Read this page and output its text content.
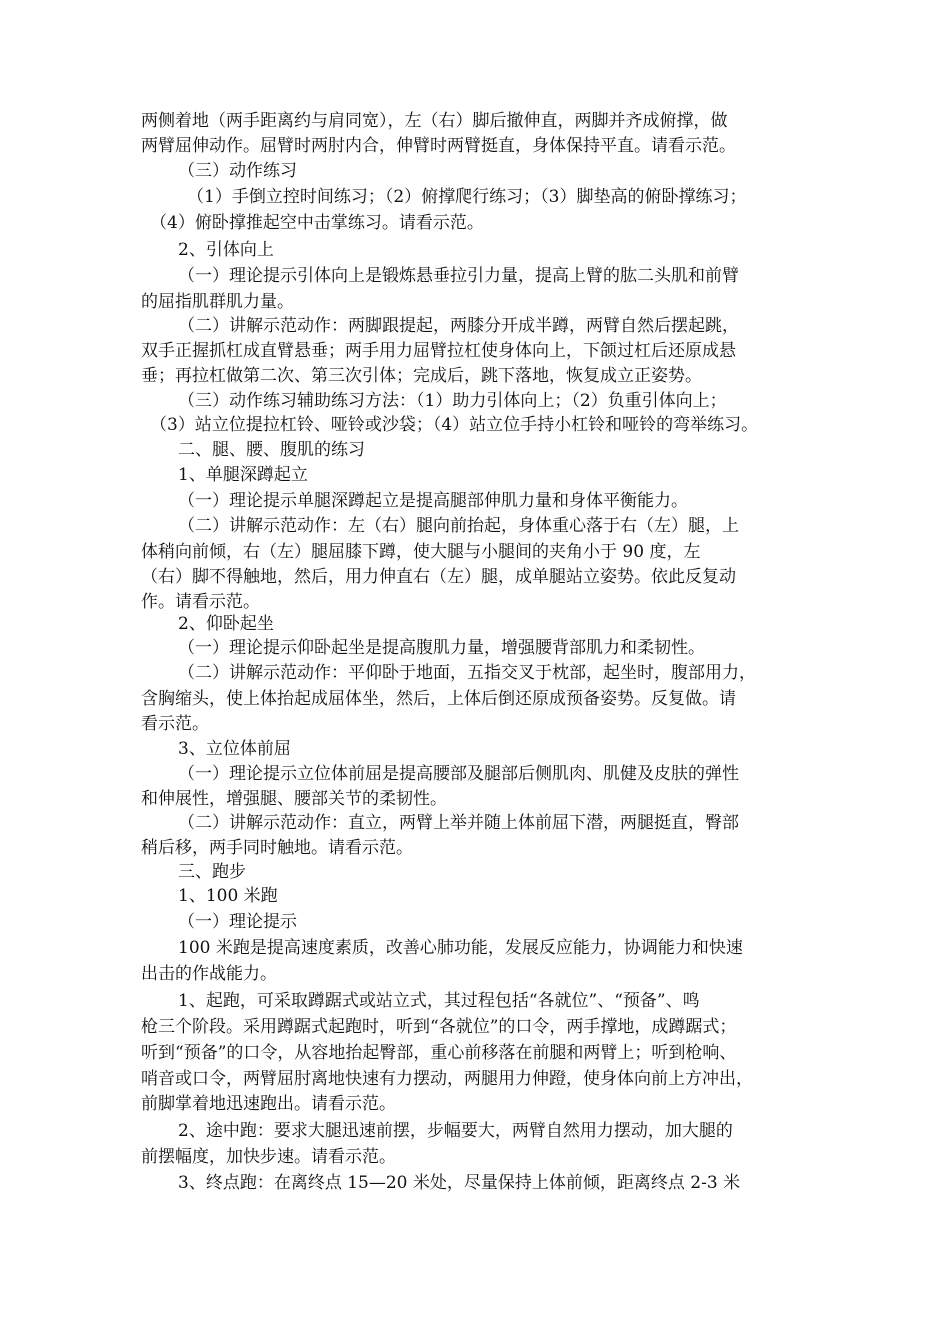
两侧着地（两手距离约与肩同宽），左（右）脚后撤伸直，两脚并齐成俯撑，做
两臂屈伸动作。屈臂时两肘内合，伸臂时两臂挺直，身体保持平直。请看示范。
（三）动作练习
（1）手倒立控时间练习；（2）俯撑爬行练习；（3）脚垫高的俯卧撑练习；
（4）俯卧撑推起空中击掌练习。请看示范。
2、引体向上
（一）理论提示引体向上是锻炼悬垂拉引力量，提高上臂的肱二头肌和前臂
的屈指肌群肌力量。
（二）讲解示范动作：两脚跟提起，两膝分开成半蹲，两臂自然后摆起跳，
双手正握抓杠成直臂悬垂；两手用力屈臂拉杠使身体向上，下颌过杠后还原成悬
垂；再拉杠做第二次、第三次引体；完成后，跳下落地，恢复成立正姿势。
（三）动作练习辅助练习方法：（1）助力引体向上；（2）负重引体向上；
（3）站立位提拉杠铃、哑铃或沙袋；（4）站立位手持小杠铃和哑铃的弯举练习。
二、腿、腰、腹肌的练习
1、单腿深蹲起立
（一）理论提示单腿深蹲起立是提高腿部伸肌力量和身体平衡能力。
（二）讲解示范动作：左（右）腿向前抬起，身体重心落于右（左）腿，上
体稍向前倾，右（左）腿屈膝下蹲，使大腿与小腿间的夹角小于 90 度，左
（右）脚不得触地，然后，用力伸直右（左）腿，成单腿站立姿势。依此反复动
作。请看示范。
2、仰卧起坐
（一）理论提示仰卧起坐是提高腹肌力量，增强腰背部肌力和柔韧性。
（二）讲解示范动作：平仰卧于地面，五指交叉于枕部，起坐时，腹部用力，
含胸缩头，使上体抬起成屈体坐，然后，上体后倒还原成预备姿势。反复做。请
看示范。
3、立位体前屈
（一）理论提示立位体前屈是提高腰部及腿部后侧肌肉、肌健及皮肤的弹性
和伸展性，增强腿、腰部关节的柔韧性。
（二）讲解示范动作：直立，两臂上举并随上体前屈下潜，两腿挺直，臀部
稍后移，两手同时触地。请看示范。
三、跑步
1、100 米跑
（一）理论提示
100 米跑是提高速度素质，改善心肺功能，发展反应能力，协调能力和快速
出击的作战能力。
1、起跑，可采取蹲踞式或站立式，其过程包括“各就位”、“预备”、鸣
枪三个阶段。采用蹲踞式起跑时，听到“各就位”的口令，两手撑地，成蹲踞式；
听到“预备”的口令，从容地抬起臀部，重心前移落在前腿和两臂上；听到枪响、
哨音或口令，两臂屈肘离地快速有力摆动，两腿用力伸蹬，使身体向前上方冲出，
前脚掌着地迅速跑出。请看示范。
2、途中跑：要求大腿迅速前摆，步幅要大，两臂自然用力摆动，加大腿的
前摆幅度，加快步速。请看示范。
3、终点跑：在离终点 15—20 米处，尽量保持上体前倾，距离终点 2-3 米
